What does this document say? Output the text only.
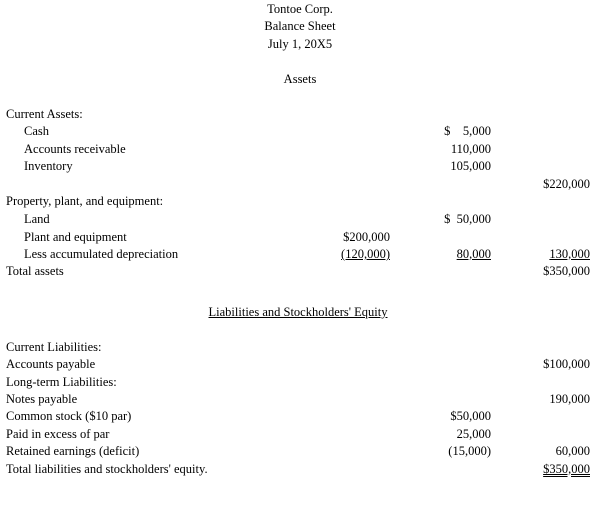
Tontoe Corp.
Balance Sheet
July 1, 20X5
Assets
Current Assets:
Cash	$    5,000
Accounts receivable	110,000
Inventory	105,000
$220,000
Property, plant, and equipment:
Land	$  50,000
Plant and equipment	$200,000
Less accumulated depreciation	(120,000)	80,000	130,000
Total assets	$350,000
Liabilities and Stockholders' Equity
Current Liabilities:
Accounts payable	$100,000
Long-term Liabilities:
Notes payable	190,000
Common stock ($10 par)	$50,000
Paid in excess of par	25,000
Retained earnings (deficit)	(15,000)	60,000
Total liabilities and stockholders' equity.	$350,000
